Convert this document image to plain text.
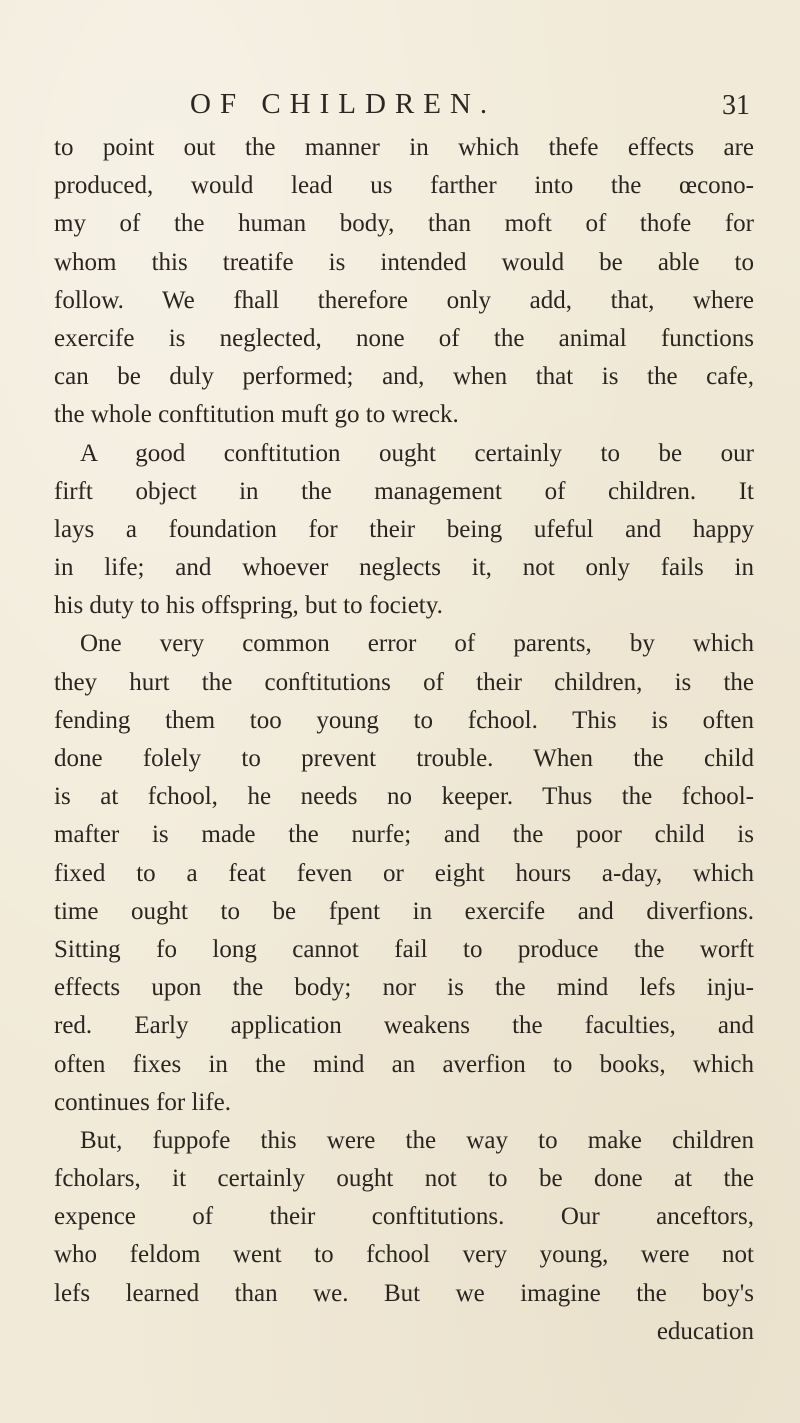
OF CHILDREN.	31
to point out the manner in which thefe effects are
produced, would lead us farther into the œcono-
my of the human body, than moft of thofe for
whom this treatife is intended would be able to
follow. We fhall therefore only add, that, where
exercife is neglected, none of the animal functions
can be duly performed; and, when that is the cafe,
the whole conftitution muft go to wreck.
A good conftitution ought certainly to be our
firft object in the management of children. It
lays a foundation for their being ufeful and happy
in life; and whoever neglects it, not only fails in
his duty to his offspring, but to fociety.
One very common error of parents, by which
they hurt the conftitutions of their children, is the
fending them too young to fchool. This is often
done folely to prevent trouble. When the child
is at fchool, he needs no keeper. Thus the fchool-
mafter is made the nurfe; and the poor child is
fixed to a feat feven or eight hours a-day, which
time ought to be fpent in exercife and diverfions.
Sitting fo long cannot fail to produce the worft
effects upon the body; nor is the mind lefs inju-
red. Early application weakens the faculties, and
often fixes in the mind an averfion to books, which
continues for life.
But, fuppofe this were the way to make children
fcholars, it certainly ought not to be done at the
expence of their conftitutions. Our anceftors,
who feldom went to fchool very young, were not
lefs learned than we. But we imagine the boy's
education
